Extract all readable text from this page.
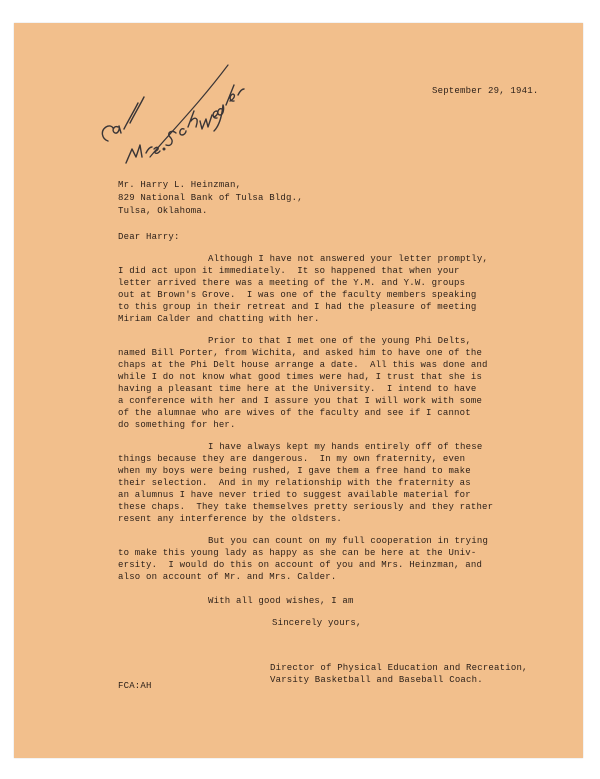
September 29, 1941.
Mr. Harry L. Heinzman,
829 National Bank of Tulsa Bldg.,
Tulsa, Oklahoma.
Dear Harry:
Although I have not answered your letter promptly,
I did act upon it immediately.  It so happened that when your
letter arrived there was a meeting of the Y.M. and Y.W. groups
out at Brown's Grove.  I was one of the faculty members speaking
to this group in their retreat and I had the pleasure of meeting
Miriam Calder and chatting with her.
Prior to that I met one of the young Phi Delts,
named Bill Porter, from Wichita, and asked him to have one of the
chaps at the Phi Delt house arrange a date.  All this was done and
while I do not know what good times were had, I trust that she is
having a pleasant time here at the University.  I intend to have
a conference with her and I assure you that I will work with some
of the alumnae who are wives of the faculty and see if I cannot
do something for her.
I have always kept my hands entirely off of these
things because they are dangerous.  In my own fraternity, even
when my boys were being rushed, I gave them a free hand to make
their selection.  And in my relationship with the fraternity as
an alumnus I have never tried to suggest available material for
these chaps.  They take themselves pretty seriously and they rather
resent any interference by the oldsters.
But you can count on my full cooperation in trying
to make this young lady as happy as she can be here at the Univ-
ersity.  I would do this on account of you and Mrs. Heinzman, and
also on account of Mr. and Mrs. Calder.
With all good wishes, I am
Sincerely yours,
FCA:AH
Director of Physical Education and Recreation,
Varsity Basketball and Baseball Coach.
